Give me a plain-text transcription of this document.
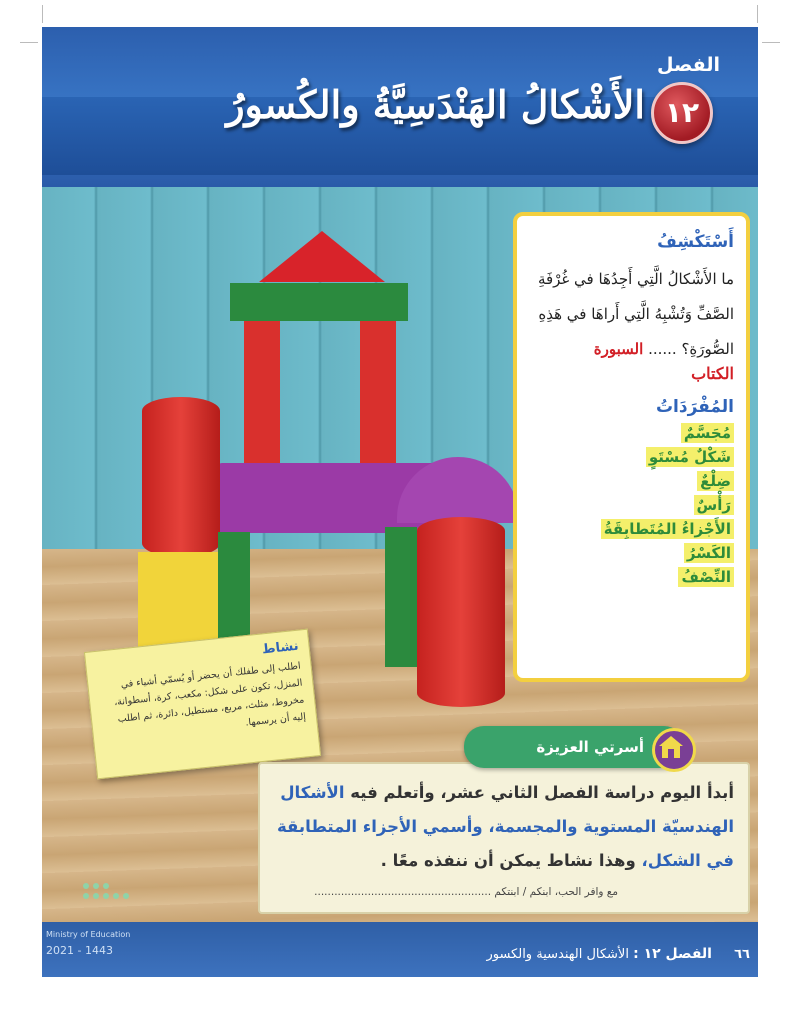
الفصل
١٢
الأَشْكالُ الهَنْدَسِيَّةُ والكُسورُ
أَسْتَكْشِفُ
ما الأَشْكالُ الَّتِي أَجِدُهَا في غُرْفَةِ الصَّفِّ وَتُشْبِهُ الَّتِي أَراهَا في هَذِهِ الصُّورَةِ؟ ...... السبورة
الكتاب
المُفْرَدَاتُ
مُجَسَّمٌ
شَكْلٌ مُسْتَوٍ
ضِلْعٌ
رَأْسٌ
الأَجْزاءُ المُتَطابِقَةُ
الكَسْرُ
النِّصْفُ
نشاط
اطلب إلى طفلك أن يحضر أو يُسمّي أشياء في المنزل، تكون على شكل: مكعب، كرة، أسطوانة، مخروط، مثلث، مربع، مستطيل، دائرة، ثم اطلب إليه أن يرسمها.
أبدأ اليوم دراسة الفصل الثاني عشر، وأتعلم فيه الأشكال الهندسيّة المستوية والمجسمة، وأسمي الأجزاء المتطابقة في الشكل، وهذا نشاط يمكن أن ننفذه معًا .
مع وافر الحب، ابنكم / ابنتكم .....................................................
أسرتي العزيزة
٦٦ الفصل ١٢ : الأشكال الهندسية والكسور
Ministry of Education
2021 - 1443
